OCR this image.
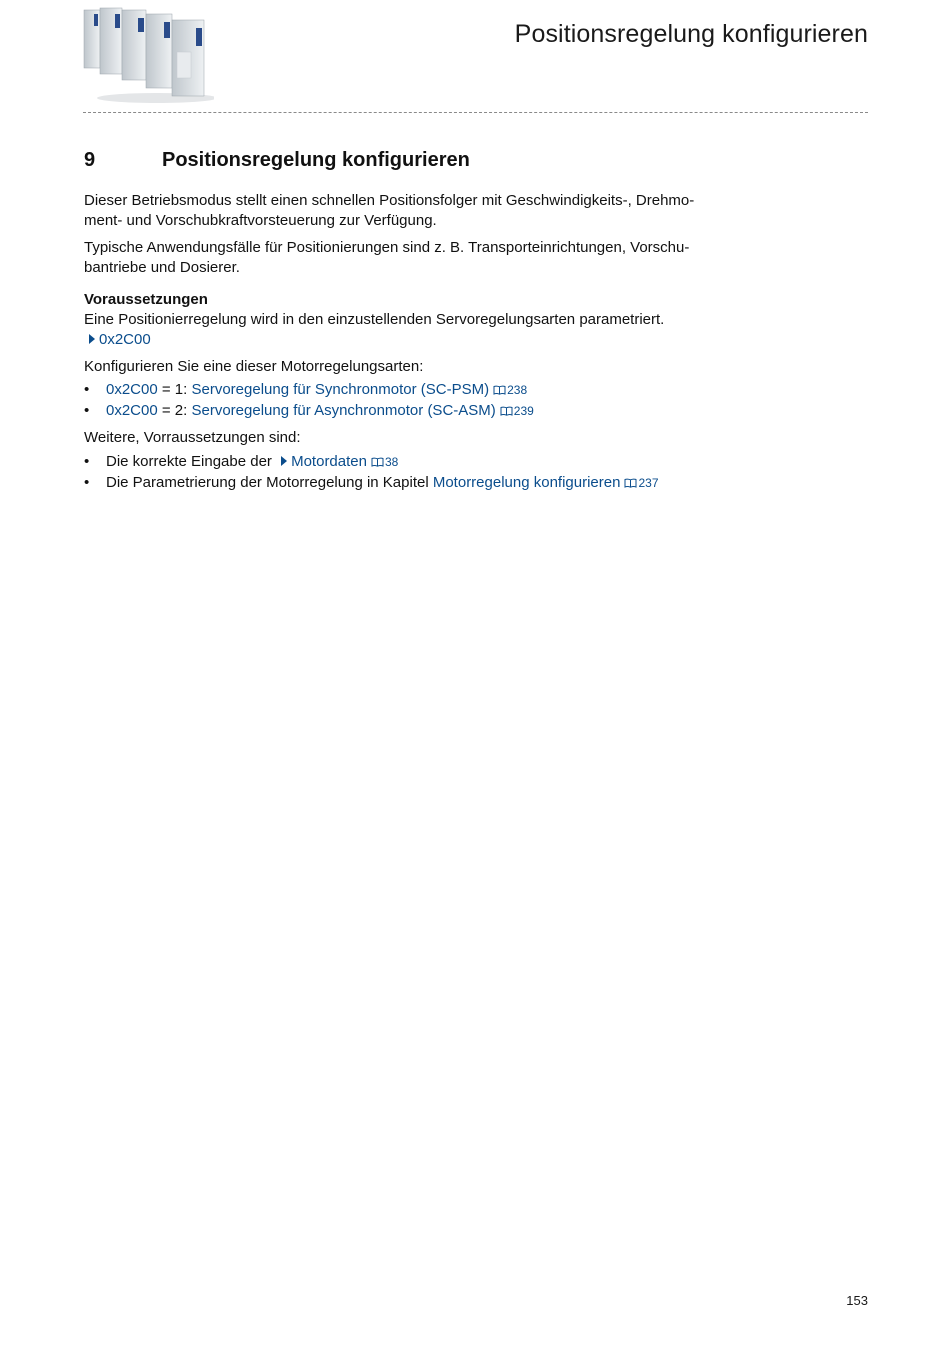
Positionsregelung konfigurieren
9	Positionsregelung konfigurieren

Dieser Betriebsmodus stellt einen schnellen Positionsfolger mit Geschwindigkeits-, Drehmo-
ment- und Vorschubkraftvorsteuerung zur Verfügung.

Typische Anwendungsfälle für Positionierungen sind z. B. Transporteinrichtungen, Vorschu-
bantriebe und Dosierer.

Voraussetzungen

Eine Positionierregelung wird in den einzustellenden Servoregelungsarten parametriert.

0x2C00

Konfigurieren Sie eine dieser Motorregelungsarten:

• 0x2C00 = 1: Servoregelung für Synchronmotor (SC-PSM) 238
• 0x2C00 = 2: Servoregelung für Asynchronmotor (SC-ASM) 239

Weitere, Vorraussetzungen sind:

• Die korrekte Eingabe der Motordaten 38
• Die Parametrierung der Motorregelung in Kapitel Motorregelung konfigurieren 237
153
